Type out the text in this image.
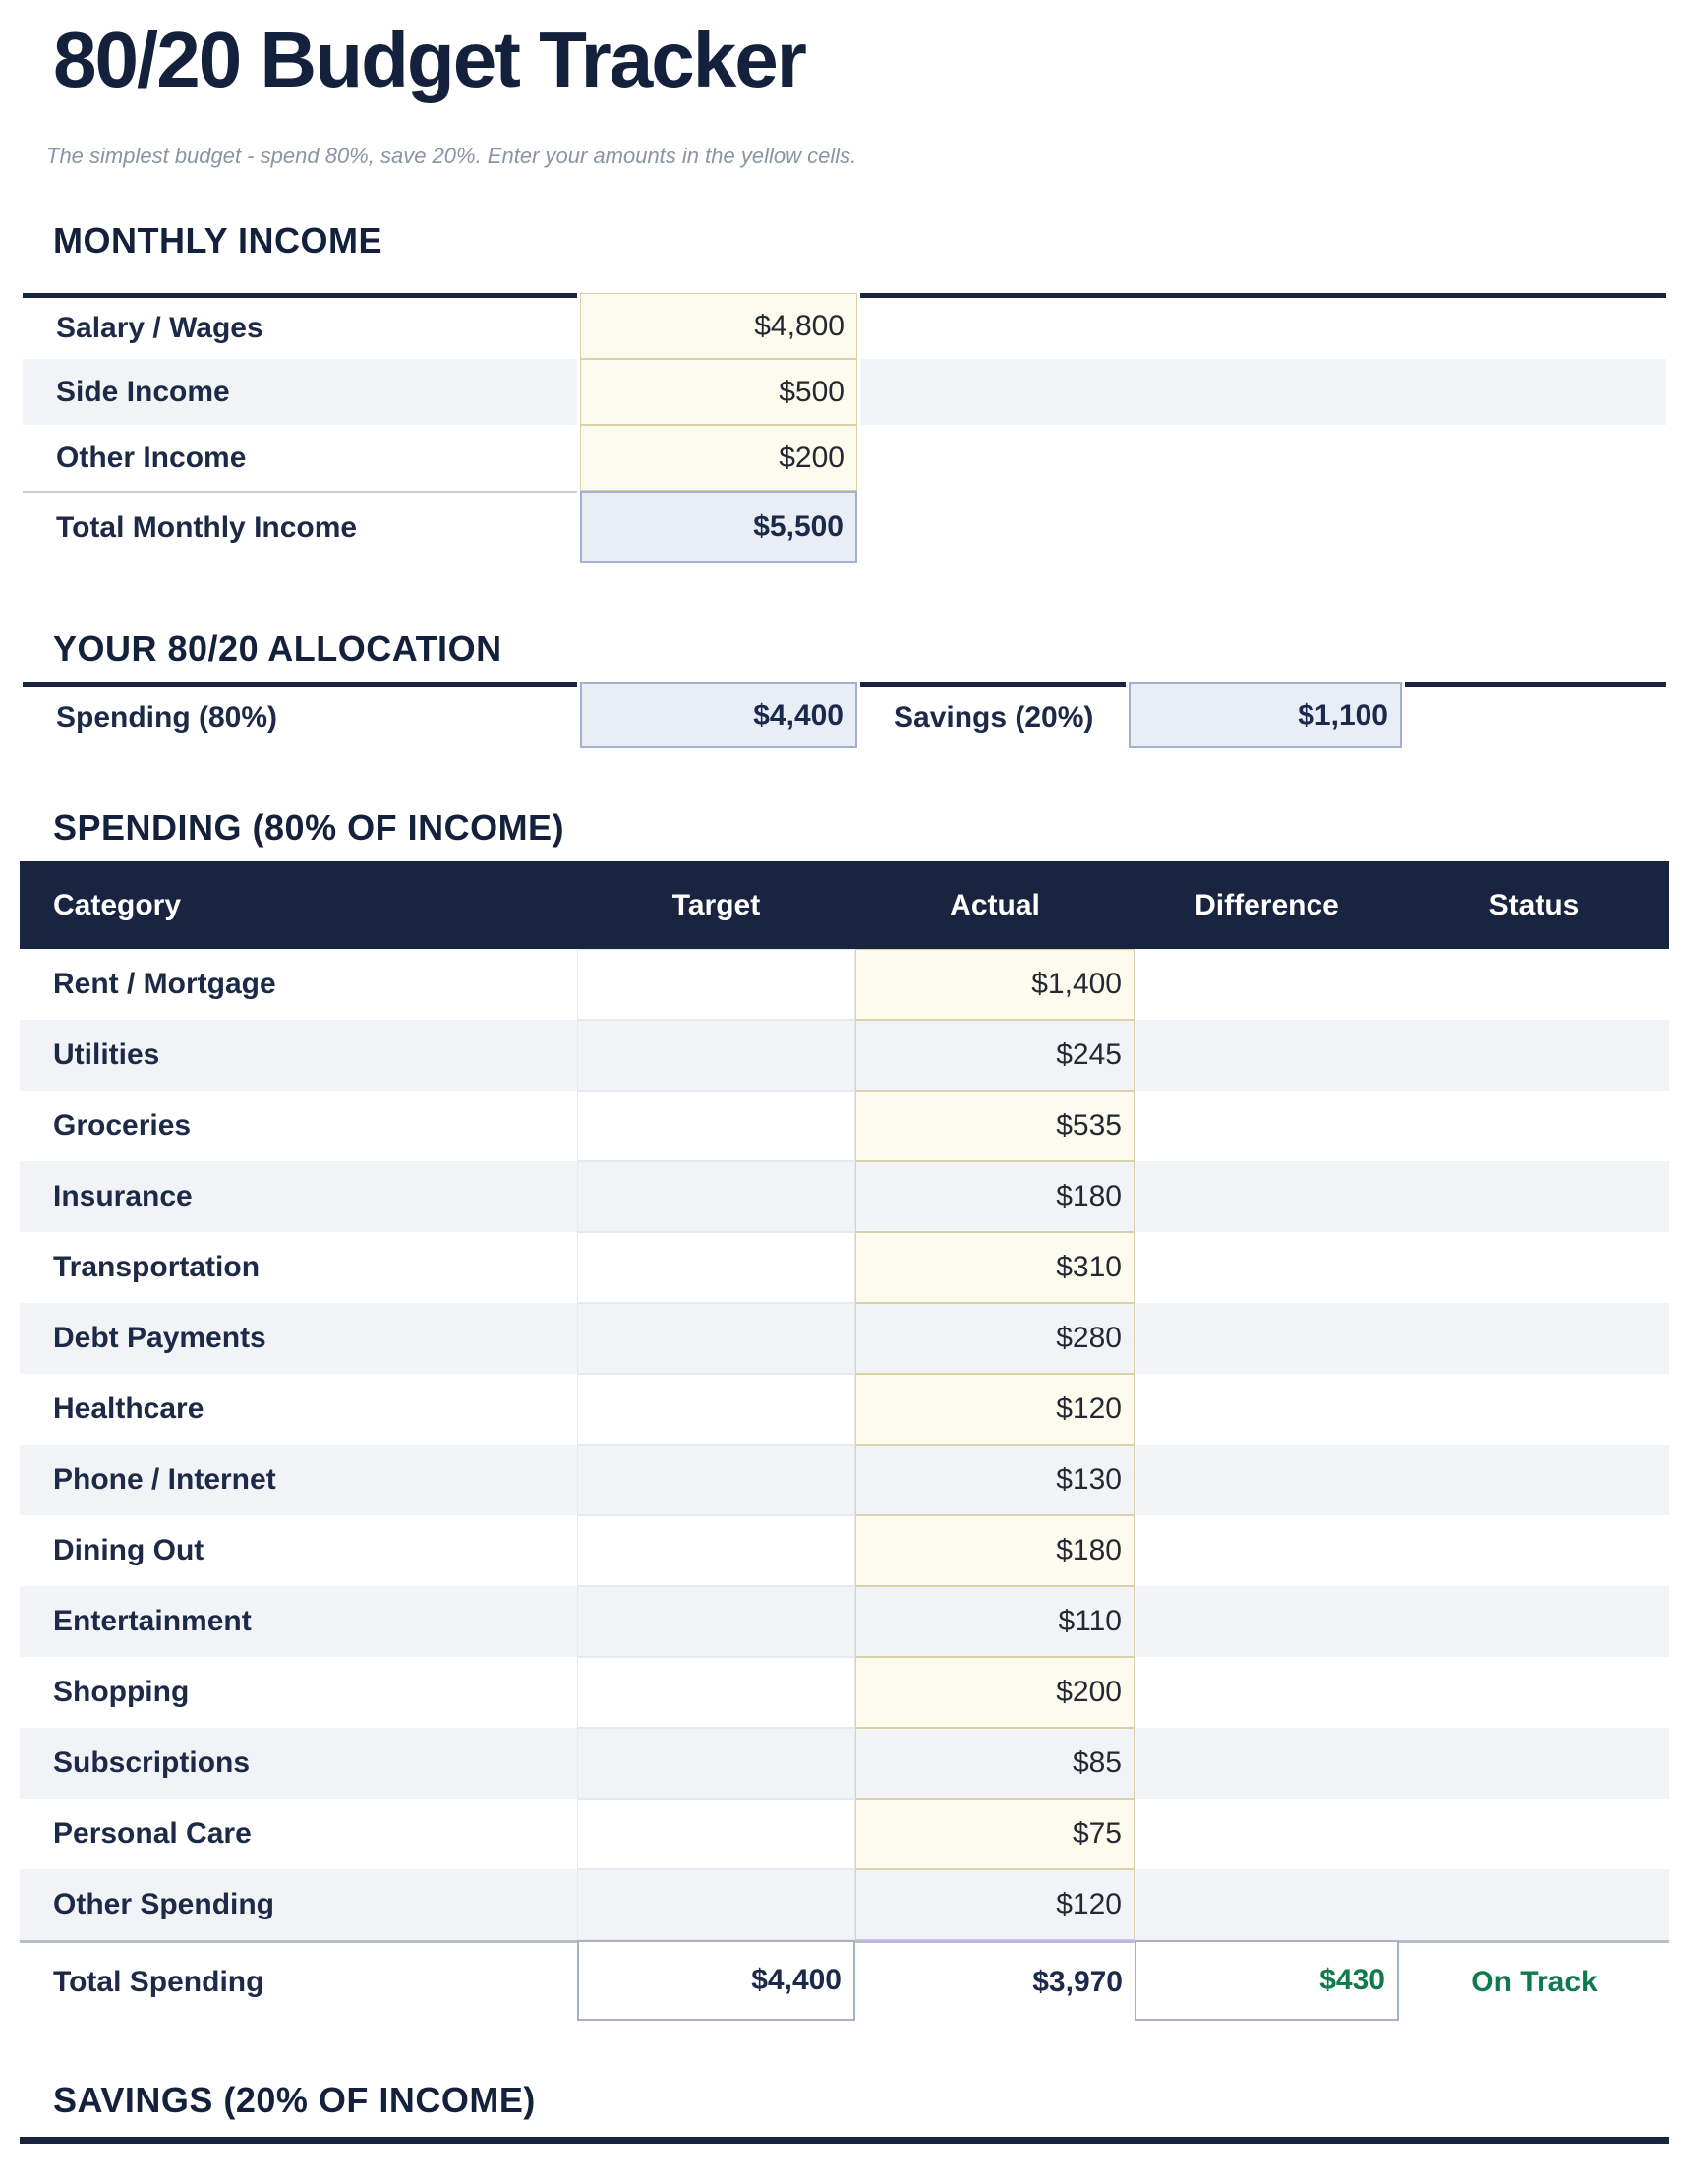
80/20 Budget Tracker
The simplest budget - spend 80%, save 20%. Enter your amounts in the yellow cells.
MONTHLY INCOME
Salary / Wages	$4,800	
Side Income	$500	
Other Income	$200	
Total Monthly Income	$5,500	
YOUR 80/20 ALLOCATION
Spending (80%)	$4,400	Savings (20%)	$1,100	
SPENDING (80% OF INCOME)
Category	Target	Actual	Difference	Status
Rent / Mortgage		$1,400		
Utilities		$245		
Groceries		$535		
Insurance		$180		
Transportation		$310		
Debt Payments		$280		
Healthcare		$120		
Phone / Internet		$130		
Dining Out		$180		
Entertainment		$110		
Shopping		$200		
Subscriptions		$85		
Personal Care		$75		
Other Spending		$120		
Total Spending	$4,400	$3,970	$430	On Track
SAVINGS (20% OF INCOME)
